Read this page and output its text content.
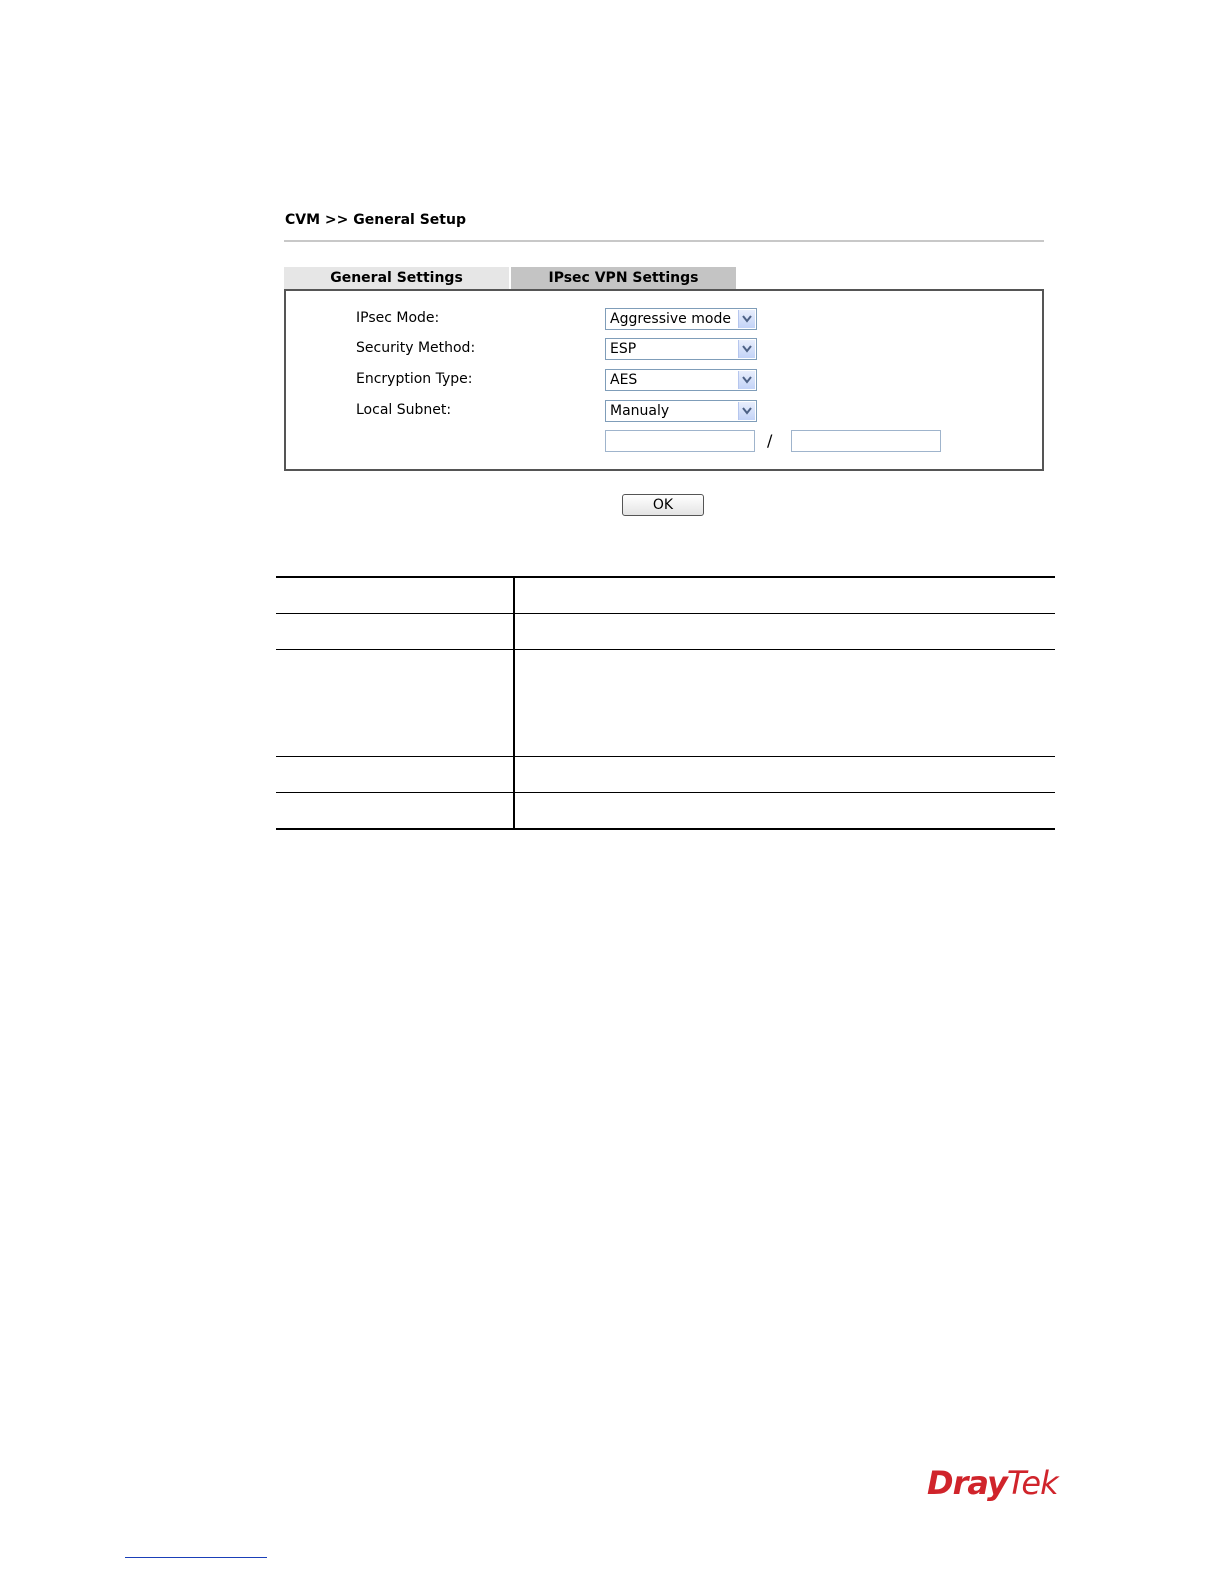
CVM >> General Setup
General Settings	IPsec VPN Settings
IPsec Mode:	Aggressive mode
Security Method:	ESP
Encryption Type:	AES
Local Subnet:	Manualy
/
OK
DrayTek
